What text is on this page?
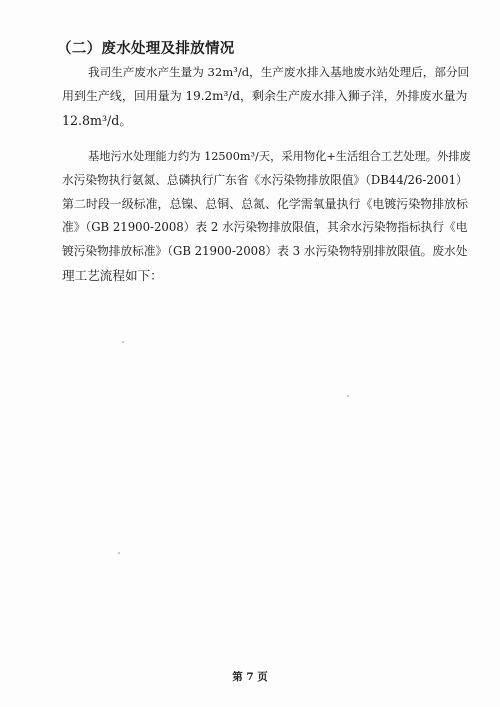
（二）废水处理及排放情况
我司生产废水产生量为 32m³/d，生产废水排入基地废水站处理后，部分回
用到生产线，回用量为 19.2m³/d，剩余生产废水排入狮子洋，外排废水量为
12.8m³/d。
基地污水处理能力约为 12500m³/天，采用物化+生活组合工艺处理。外排废
水污染物执行氨氮、总磷执行广东省《水污染物排放限值》（DB44/26-2001）
第二时段一级标准，总镍、总铜、总氮、化学需氧量执行《电镀污染物排放标
准》（GB 21900-2008）表 2 水污染物排放限值，其余水污染物指标执行《电
镀污染物排放标准》（GB 21900-2008）表 3 水污染物特别排放限值。废水处
理工艺流程如下：
第 7 页
